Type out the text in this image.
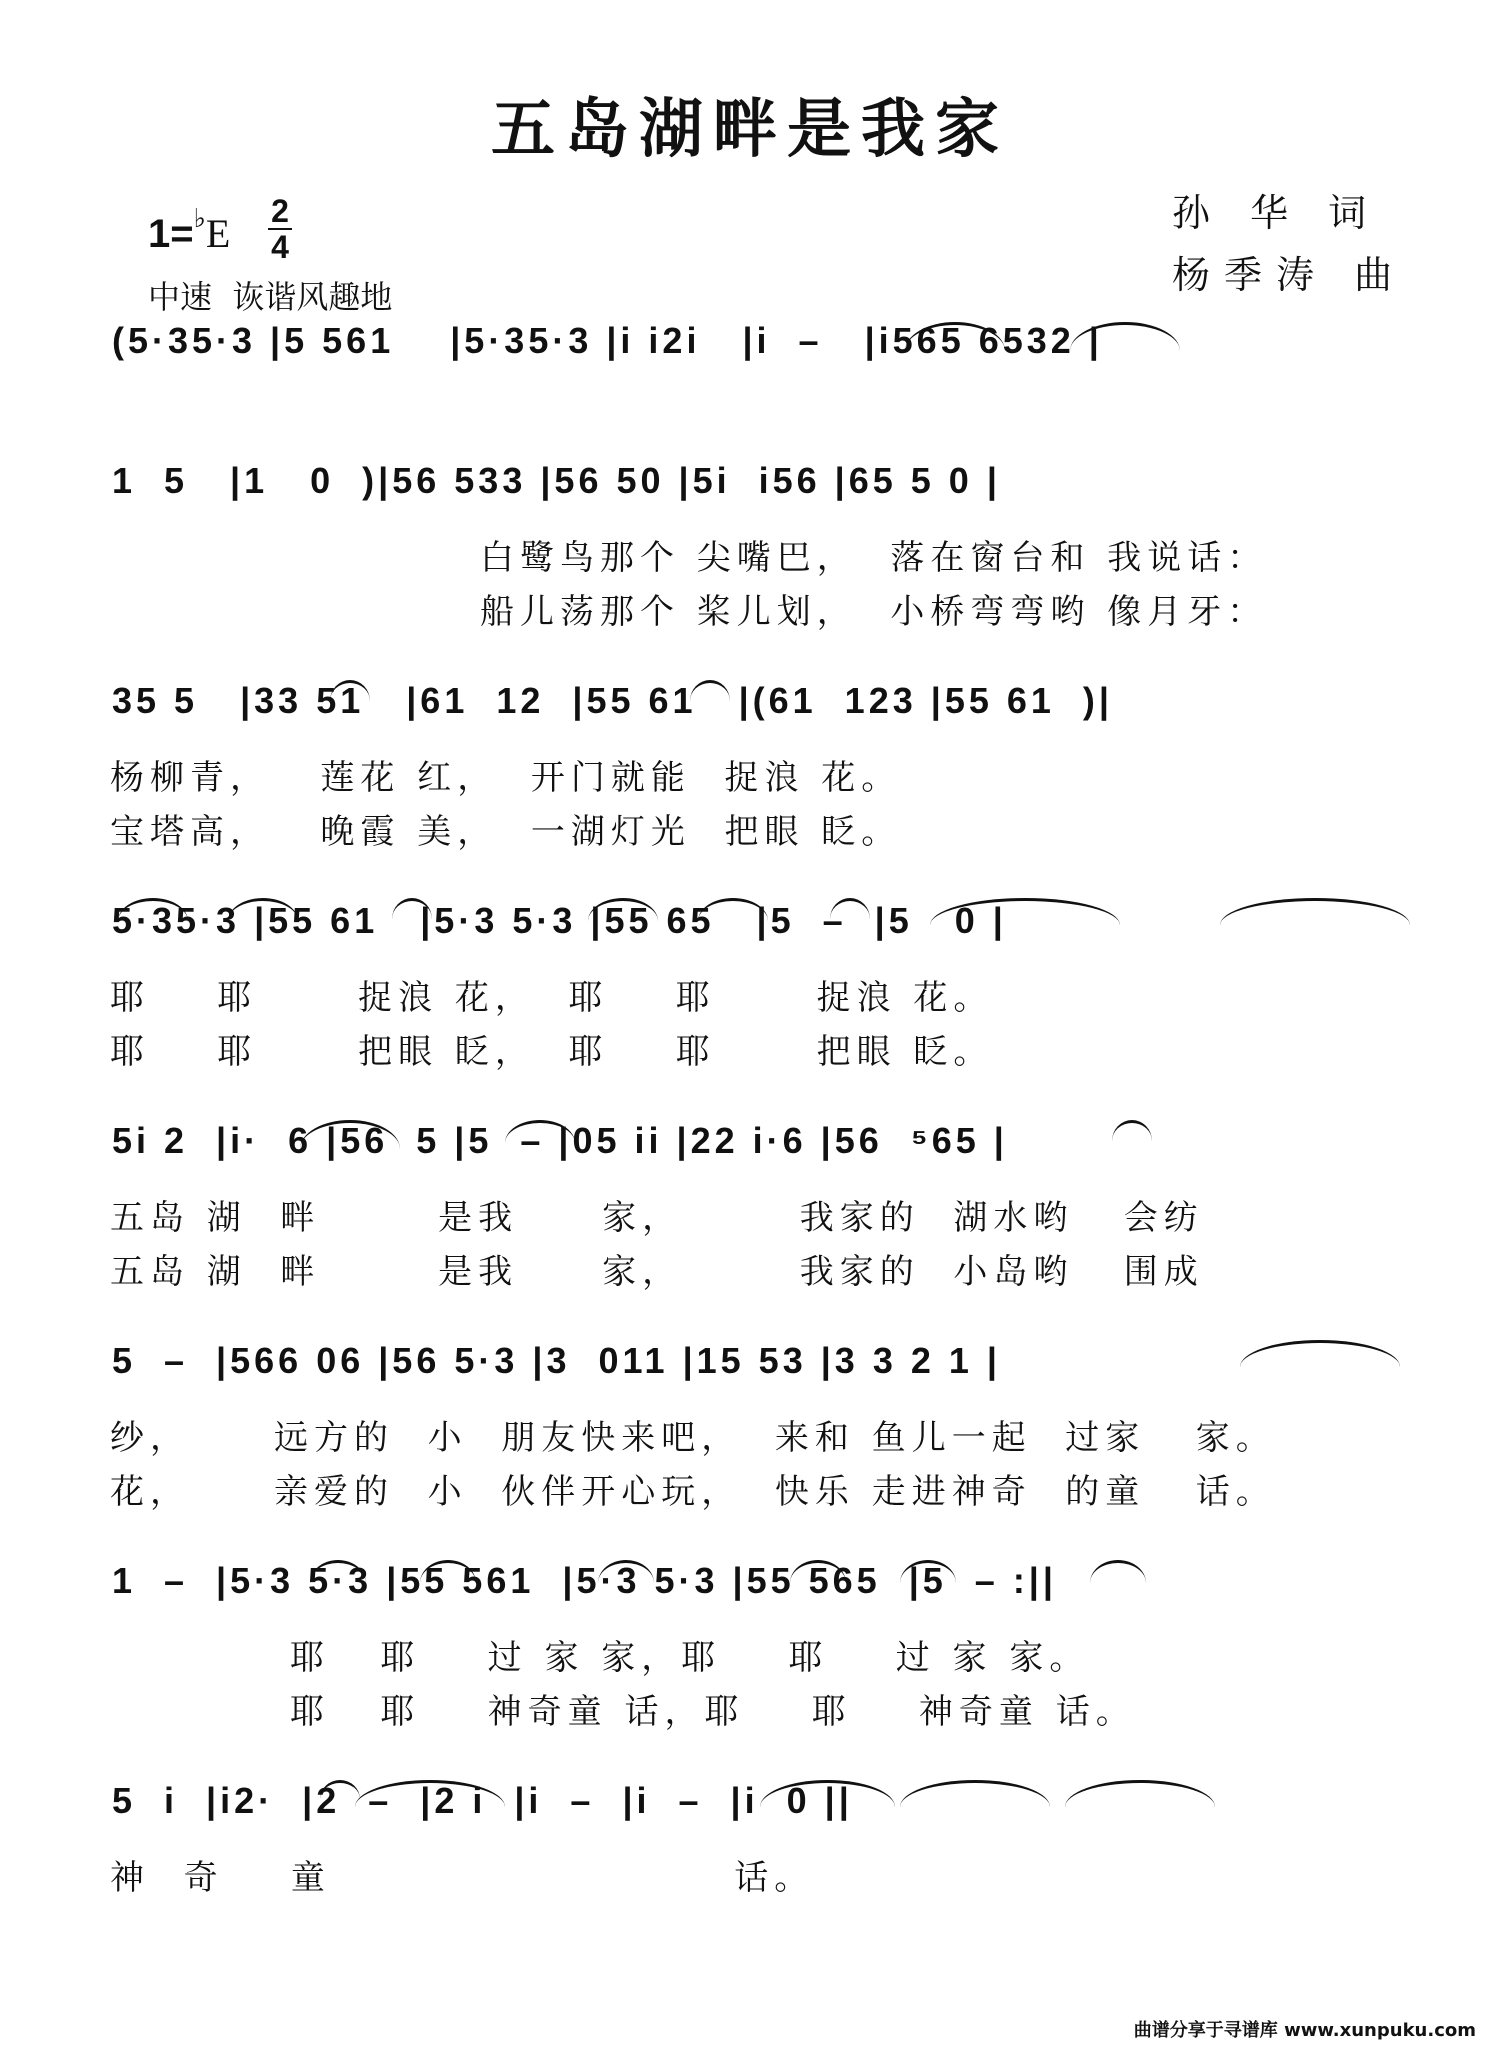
五岛湖畔是我家
1=♭E 2
4
中速  诙谐风趣地
孙 华 词
杨季涛 曲
(5·35·3 |5 561    |5·35·3 |i i2i   |i  –   |i565 6532 |
1  5   |1   0  )|56 533 |56 50 |5i  i56 |65 5 0 |
白鹭鸟那个 尖嘴巴，  落在窗台和 我说话：
船儿荡那个 桨儿划，  小桥弯弯哟 像月牙：
35 5   |33 51   |61  12  |55 61   |(61  123 |55 61  )|
杨柳青，   莲花 红，  开门就能  捉浪 花。
宝塔高，   晚霞 美，  一湖灯光  把眼 眨。
5·35·3 |55 61   |5·3 5·3 |55 65   |5  –  |5   0 |
耶    耶      捉浪 花，  耶    耶      捉浪 花。
耶    耶      把眼 眨，  耶    耶      把眼 眨。
5i 2  |i·  6 |56  5 |5  – |05 ii |22 i·6 |56  ⁵65 |
五岛 湖  畔       是我     家，       我家的  湖水哟   会纺
五岛 湖  畔       是我     家，       我家的  小岛哟   围成
5  –  |566 06 |56 5·3 |3  011 |15 53 |3 3 2 1 |
纱，     远方的  小  朋友快来吧，  来和 鱼儿一起  过家   家。
花，     亲爱的  小  伙伴开心玩，  快乐 走进神奇  的童   话。
1  –  |5·3 5·3 |55 561  |5·3 5·3 |55 565  |5  – :||
耶   耶    过 家 家，耶    耶    过 家 家。
耶   耶    神奇童 话，耶    耶    神奇童 话。
5  i  |i2·  |2  –  |2 i  |i  –  |i  –  |i  0 ||
神  奇    童                        话。
曲谱分享于寻谱库 www.xunpuku.com
